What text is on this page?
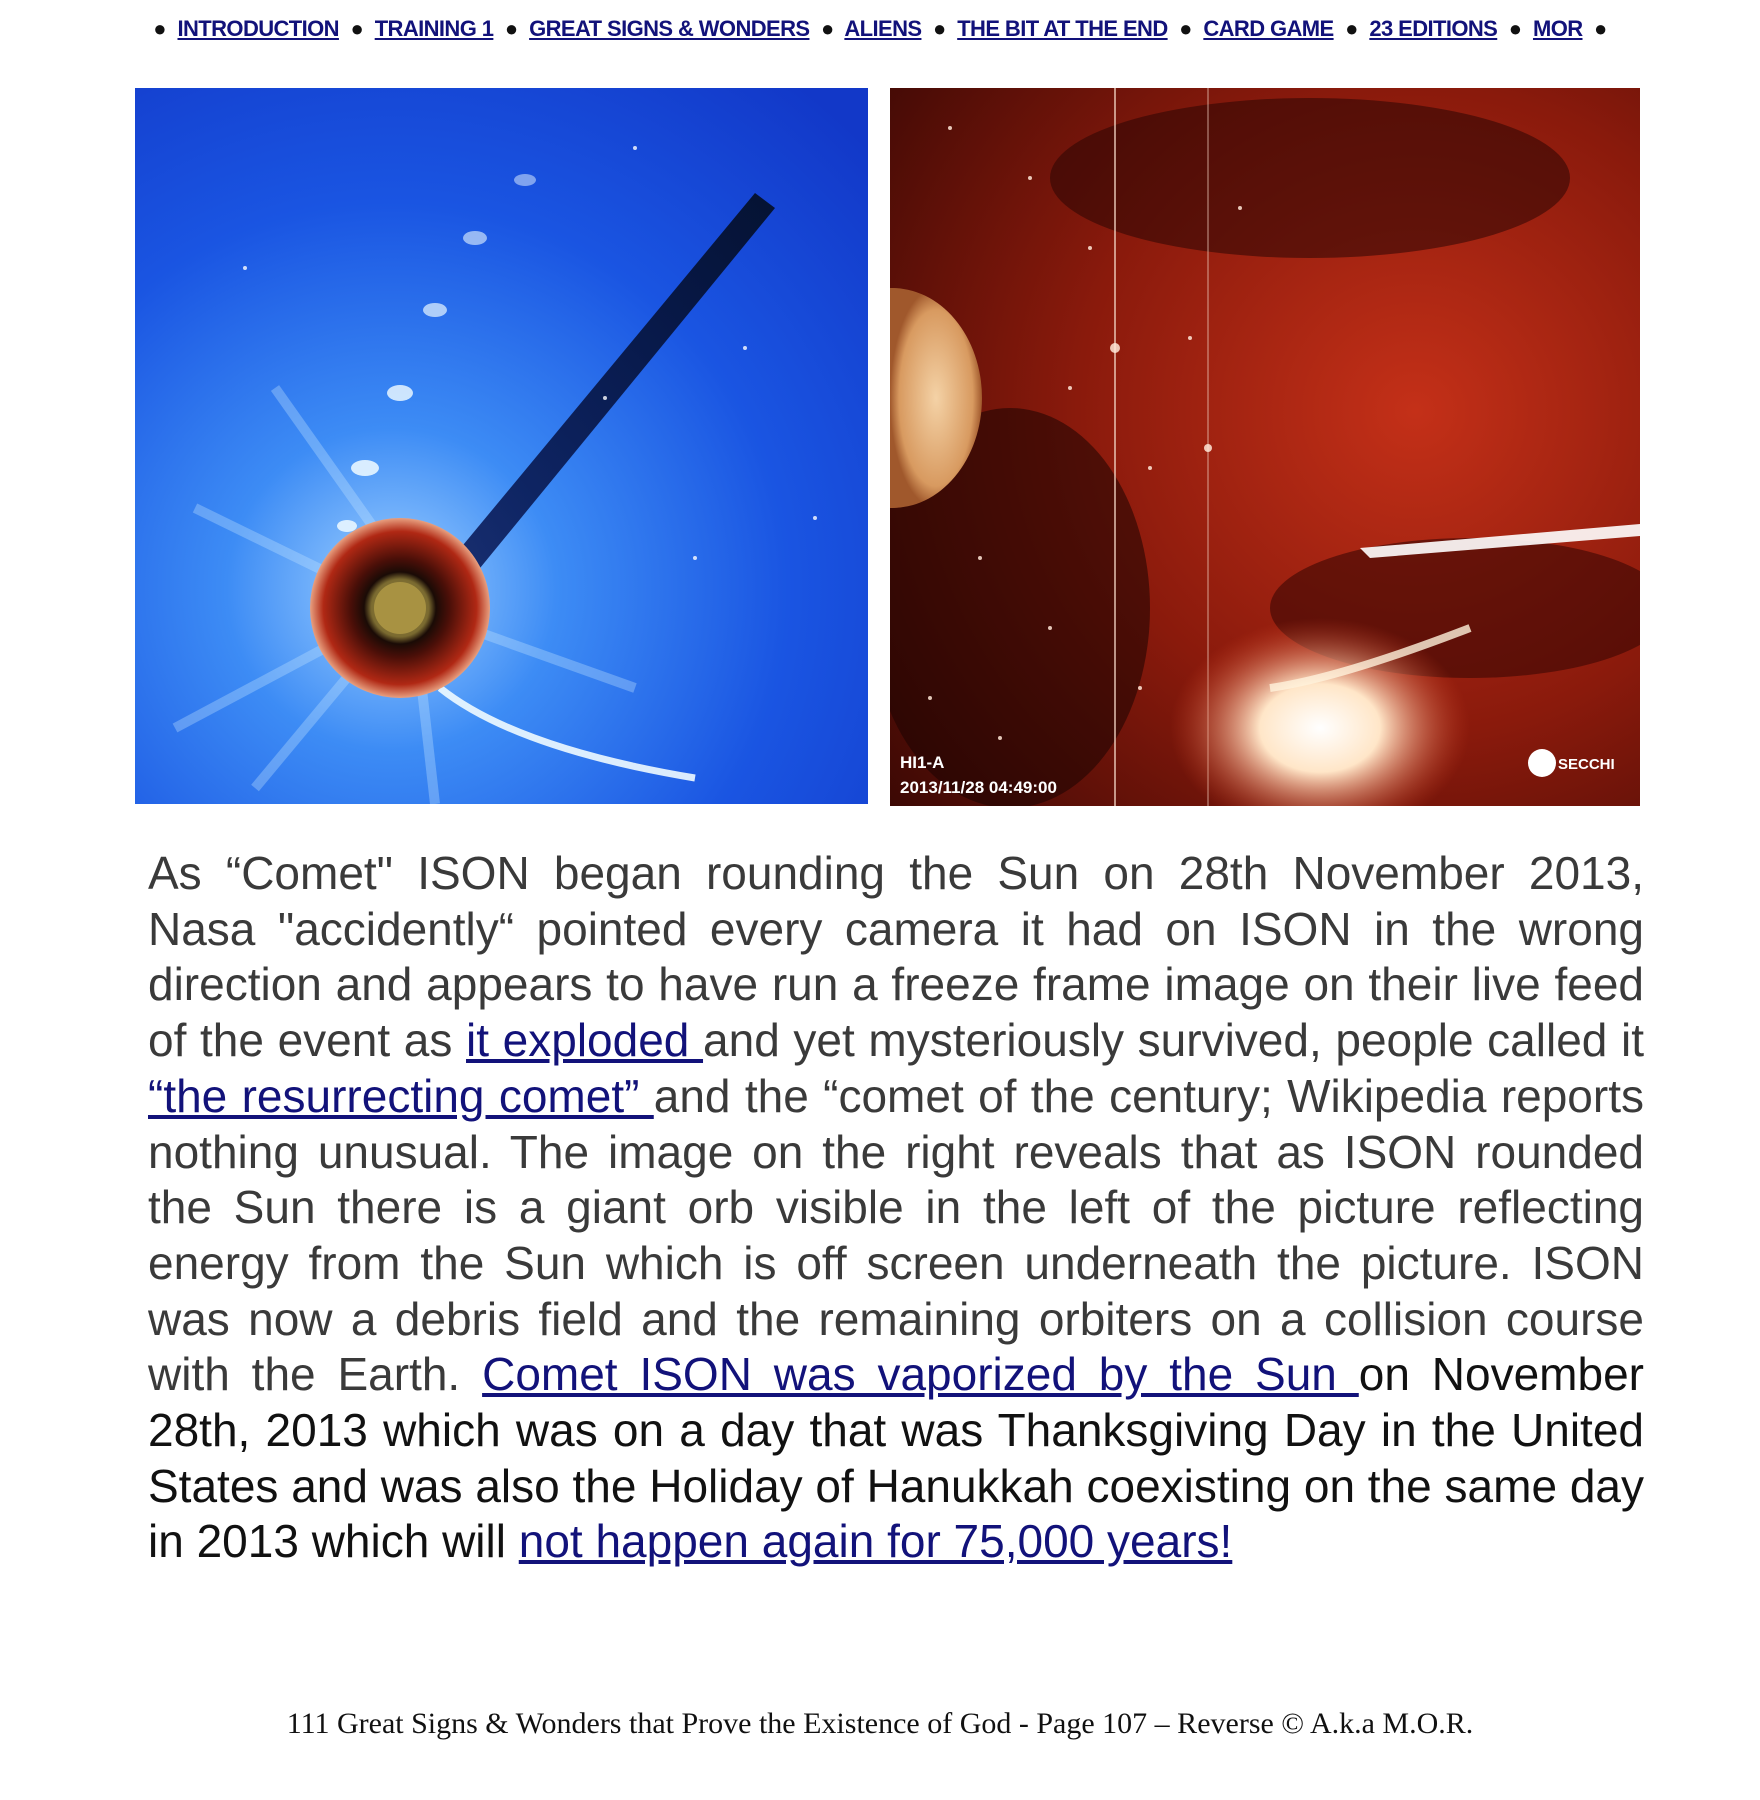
● INTRODUCTION ● TRAINING 1 ● GREAT SIGNS & WONDERS ● ALIENS ● THE BIT AT THE END ● CARD GAME ● 23 EDITIONS ● MOR ●
HI1-A
2013/11/28 04:49:00
SECCHI

As “Comet" ISON began rounding the Sun on 28th November 2013, Nasa "accidently“ pointed every camera it had on ISON in the wrong direction and appears to have run a freeze frame image on their live feed of the event as it exploded and yet mysteriously survived, people called it “the resurrecting comet” and the “comet of the century; Wikipedia reports nothing unusual. The image on the right reveals that as ISON rounded the Sun there is a giant orb visible in the left of the picture reflecting energy from the Sun which is off screen underneath the picture. ISON was now a debris field and the remaining orbiters on a collision course with the Earth. Comet ISON was vaporized by the Sun on November 28th, 2013 which was on a day that was Thanksgiving Day in the United States and was also the Holiday of Hanukkah coexisting on the same day in 2013 which will not happen again for 75,000 years!

111 Great Signs & Wonders that Prove the Existence of God - Page 107 – Reverse © A.k.a M.O.R.
